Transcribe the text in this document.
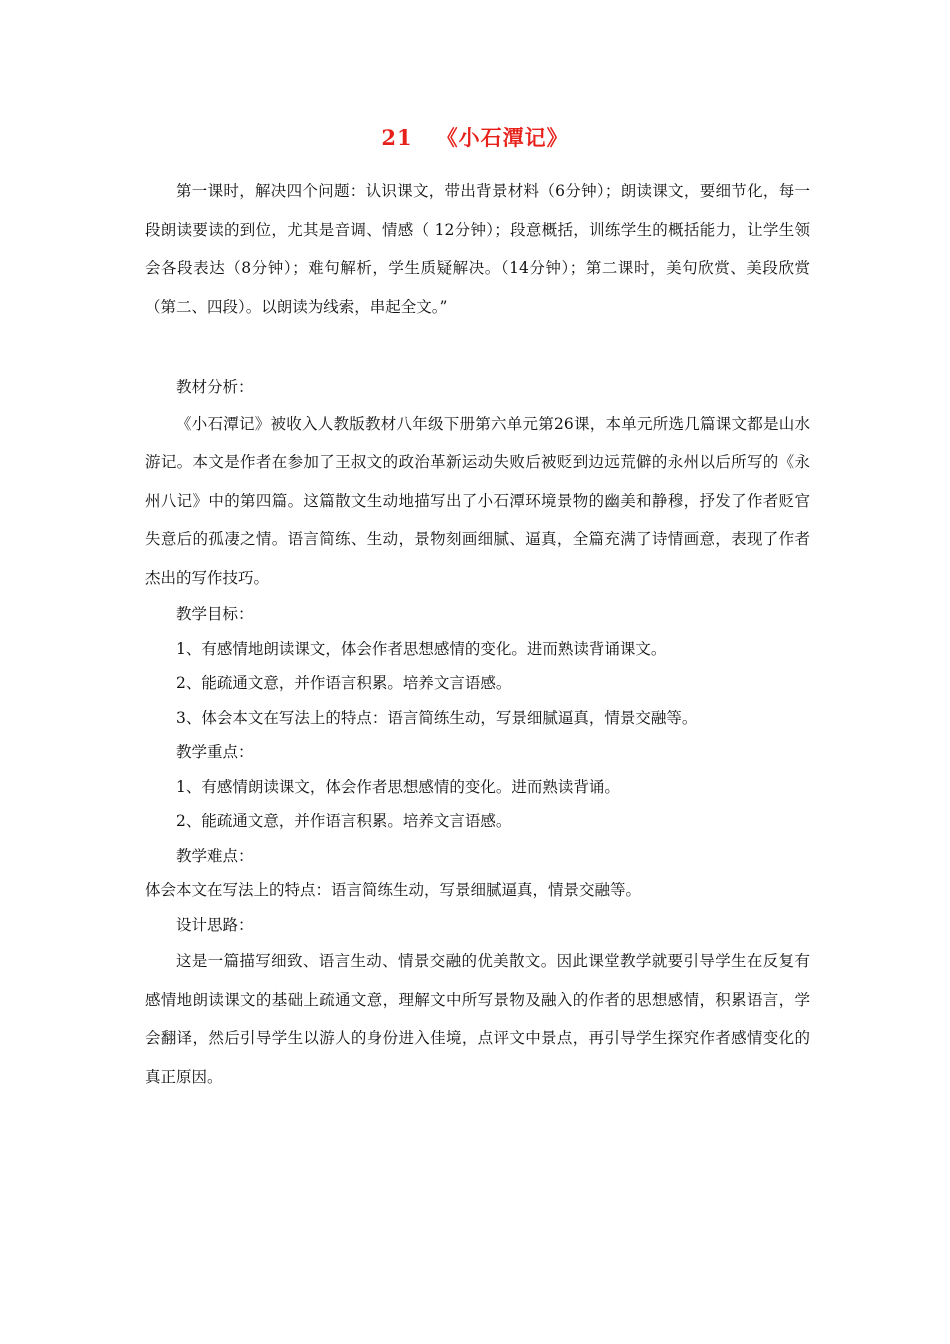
21 《小石潭记》

第一课时，解决四个问题：认识课文，带出背景材料（6分钟）；朗读课文，要细节化，每一段朗读要读的到位，尤其是音调、情感（ 12分钟）；段意概括，训练学生的概括能力，让学生领会各段表达（8分钟）；难句解析，学生质疑解决。（14分钟）；第二课时，美句欣赏、美段欣赏 （第二、四段）。以朗读为线索，串起全文。”

教材分析：

《小石潭记》被收入人教版教材八年级下册第六单元第26课，本单元所选几篇课文都是山水游记。本文是作者在参加了王叔文的政治革新运动失败后被贬到边远荒僻的永州以后所写的《永州八记》中的第四篇。这篇散文生动地描写出了小石潭环境景物的幽美和静穆，抒发了作者贬官失意后的孤凄之情。语言简练、生动，景物刻画细腻、逼真，全篇充满了诗情画意，表现了作者杰出的写作技巧。

教学目标：

1、有感情地朗读课文，体会作者思想感情的变化。进而熟读背诵课文。

2、能疏通文意，并作语言积累。培养文言语感。

3、体会本文在写法上的特点：语言简练生动，写景细腻逼真，情景交融等。

教学重点：

1、有感情朗读课文，体会作者思想感情的变化。进而熟读背诵。

2、能疏通文意，并作语言积累。培养文言语感。

教学难点：

体会本文在写法上的特点：语言简练生动，写景细腻逼真，情景交融等。

设计思路：

这是一篇描写细致、语言生动、情景交融的优美散文。因此课堂教学就要引导学生在反复有感情地朗读课文的基础上疏通文意，理解文中所写景物及融入的作者的思想感情，积累语言，学会翻译，然后引导学生以游人的身份进入佳境，点评文中景点，再引导学生探究作者感情变化的真正原因。
